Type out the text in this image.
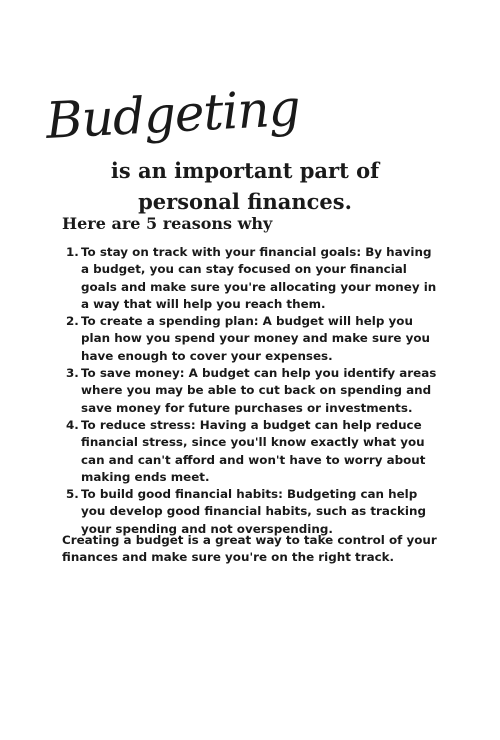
Budgeting
is an important part of personal finances.
Here are 5 reasons why
1. To stay on track with your financial goals: By having a budget, you can stay focused on your financial goals and make sure you're allocating your money in a way that will help you reach them.
2. To create a spending plan: A budget will help you plan how you spend your money and make sure you have enough to cover your expenses.
3. To save money: A budget can help you identify areas where you may be able to cut back on spending and save money for future purchases or investments.
4. To reduce stress: Having a budget can help reduce financial stress, since you'll know exactly what you can and can't afford and won't have to worry about making ends meet.
5. To build good financial habits: Budgeting can help you develop good financial habits, such as tracking your spending and not overspending.
Creating a budget is a great way to take control of your finances and make sure you're on the right track.
